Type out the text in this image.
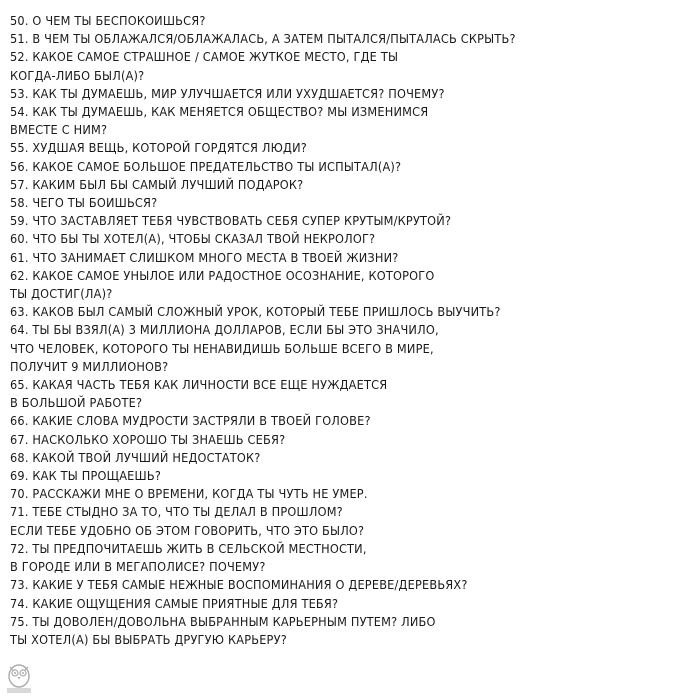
50. О ЧЕМ ТЫ БЕСПОКОИШЬСЯ?

51. В ЧЕМ ТЫ ОБЛАЖАЛСЯ/ОБЛАЖАЛАСЬ, А ЗАТЕМ ПЫТАЛСЯ/ПЫТАЛАСЬ СКРЫТЬ?

52. КАКОЕ САМОЕ СТРАШНОЕ / САМОЕ ЖУТКОЕ МЕСТО, ГДЕ ТЫ

КОГДА-ЛИБО БЫЛ(А)?

53. КАК ТЫ ДУМАЕШЬ, МИР УЛУЧШАЕТСЯ ИЛИ УХУДШАЕТСЯ? ПОЧЕМУ?

54. КАК ТЫ ДУМАЕШЬ, КАК МЕНЯЕТСЯ ОБЩЕСТВО? МЫ ИЗМЕНИМСЯ

ВМЕСТЕ С НИМ?

55. ХУДШАЯ ВЕЩЬ, КОТОРОЙ ГОРДЯТСЯ ЛЮДИ?

56. КАКОЕ САМОЕ БОЛЬШОЕ ПРЕДАТЕЛЬСТВО ТЫ ИСПЫТАЛ(А)?

57. КАКИМ БЫЛ БЫ САМЫЙ ЛУЧШИЙ ПОДАРОК?

58. ЧЕГО ТЫ БОИШЬСЯ?

59. ЧТО ЗАСТАВЛЯЕТ ТЕБЯ ЧУВСТВОВАТЬ СЕБЯ СУПЕР КРУТЫМ/КРУТОЙ?

60. ЧТО БЫ ТЫ ХОТЕЛ(А), ЧТОБЫ СКАЗАЛ ТВОЙ НЕКРОЛОГ?

61. ЧТО ЗАНИМАЕТ СЛИШКОМ МНОГО МЕСТА В ТВОЕЙ ЖИЗНИ?

62. КАКОЕ САМОЕ УНЫЛОЕ ИЛИ РАДОСТНОЕ ОСОЗНАНИЕ, КОТОРОГО

ТЫ ДОСТИГ(ЛА)?

63. КАКОВ БЫЛ САМЫЙ СЛОЖНЫЙ УРОК, КОТОРЫЙ ТЕБЕ ПРИШЛОСЬ ВЫУЧИТЬ?

64. ТЫ БЫ ВЗЯЛ(А) 3 МИЛЛИОНА ДОЛЛАРОВ, ЕСЛИ БЫ ЭТО ЗНАЧИЛО,

ЧТО ЧЕЛОВЕК, КОТОРОГО ТЫ НЕНАВИДИШЬ БОЛЬШЕ ВСЕГО В МИРЕ,

ПОЛУЧИТ 9 МИЛЛИОНОВ?

65. КАКАЯ ЧАСТЬ ТЕБЯ КАК ЛИЧНОСТИ ВСЕ ЕЩЕ НУЖДАЕТСЯ

В БОЛЬШОЙ РАБОТЕ?

66. КАКИЕ СЛОВА МУДРОСТИ ЗАСТРЯЛИ В ТВОЕЙ ГОЛОВЕ?

67. НАСКОЛЬКО ХОРОШО ТЫ ЗНАЕШЬ СЕБЯ?

68. КАКОЙ ТВОЙ ЛУЧШИЙ НЕДОСТАТОК?

69. КАК ТЫ ПРОЩАЕШЬ?

70. РАССКАЖИ МНЕ О ВРЕМЕНИ, КОГДА ТЫ ЧУТЬ НЕ УМЕР.

71. ТЕБЕ СТЫДНО ЗА ТО, ЧТО ТЫ ДЕЛАЛ В ПРОШЛОМ?

ЕСЛИ ТЕБЕ УДОБНО ОБ ЭТОМ ГОВОРИТЬ, ЧТО ЭТО БЫЛО?

72. ТЫ ПРЕДПОЧИТАЕШЬ ЖИТЬ В СЕЛЬСКОЙ МЕСТНОСТИ,

В ГОРОДЕ ИЛИ В МЕГАПОЛИСЕ? ПОЧЕМУ?

73. КАКИЕ У ТЕБЯ САМЫЕ НЕЖНЫЕ ВОСПОМИНАНИЯ О ДЕРЕВЕ/ДЕРЕВЬЯХ?

74. КАКИЕ ОЩУЩЕНИЯ САМЫЕ ПРИЯТНЫЕ ДЛЯ ТЕБЯ?

75. ТЫ ДОВОЛЕН/ДОВОЛЬНА ВЫБРАННЫМ КАРЬЕРНЫМ ПУТЕМ? ЛИБО

ТЫ ХОТЕЛ(А) БЫ ВЫБРАТЬ ДРУГУЮ КАРЬЕРУ?
